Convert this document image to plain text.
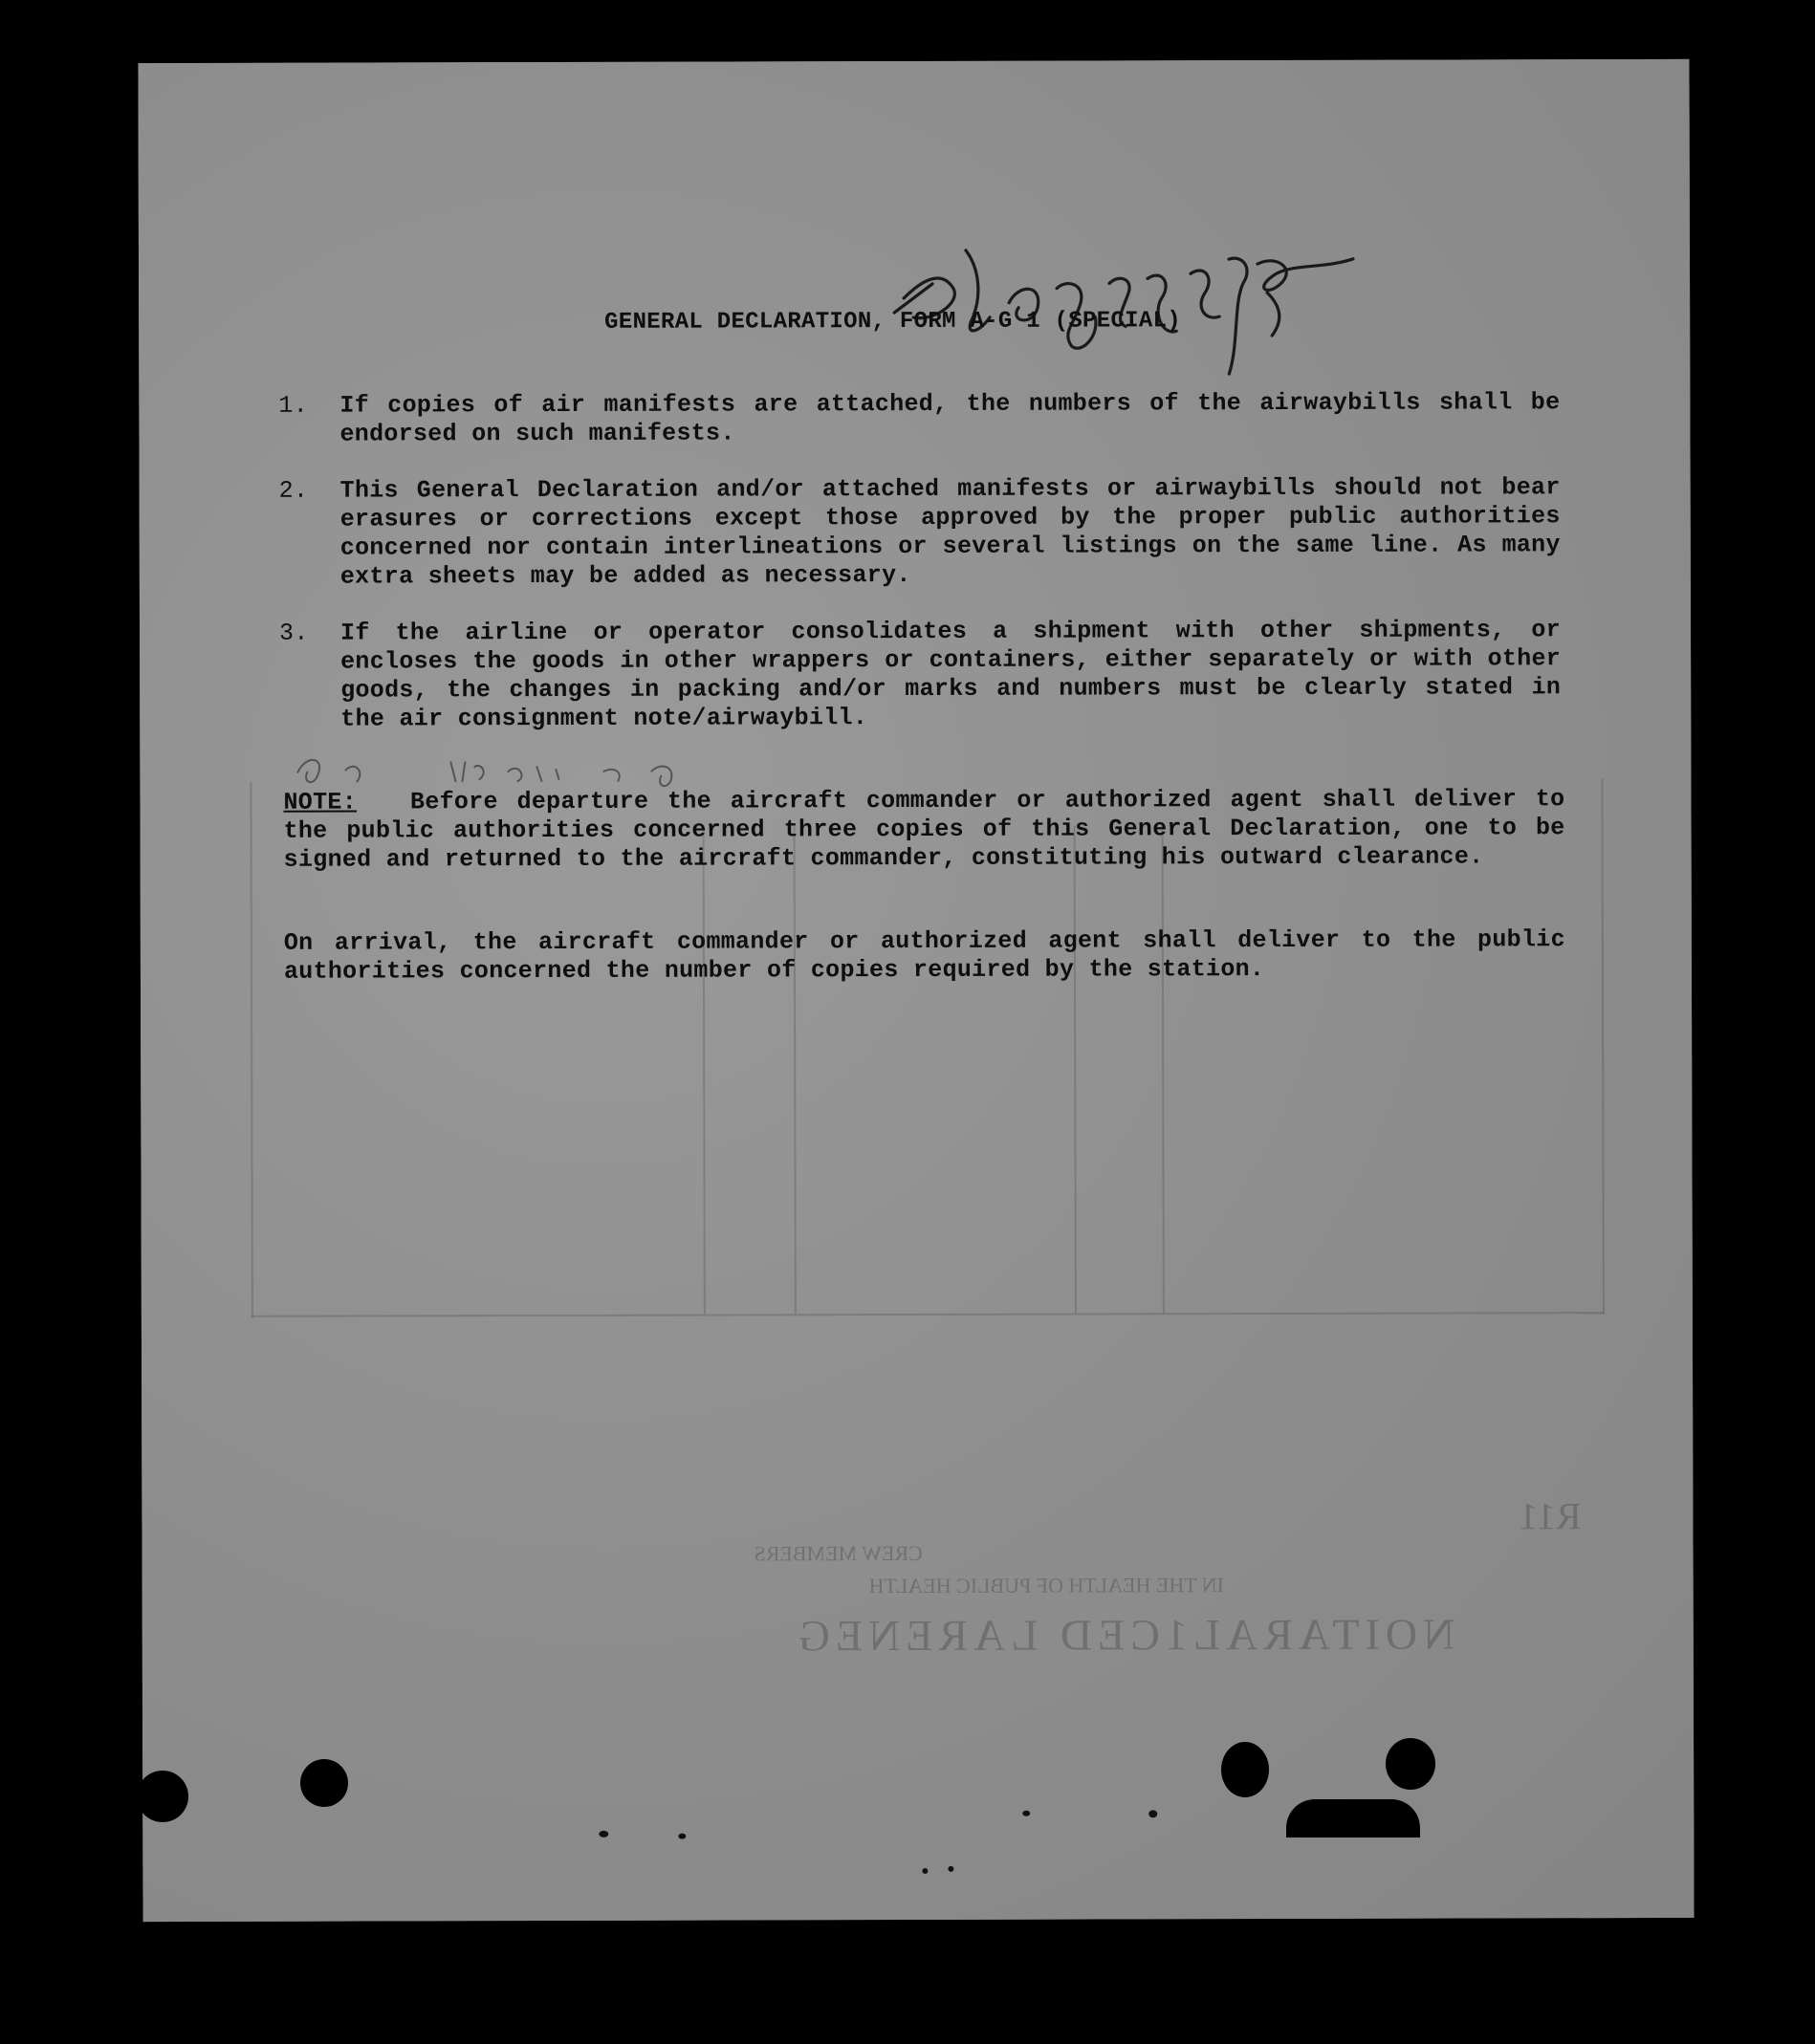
NOITARAL1CED LARENEG
R11
CREW MEMBERS
IN THE HEALTH OF PUBLIC HEALTH
GENERAL DECLARATION, FORM A-G 1 (SPECIAL)
1.	If copies of air manifests are attached, the numbers of the airwaybills shall be endorsed on such manifests.
2.	This General Declaration and/or attached manifests or airwaybills should not bear erasures or corrections except those approved by the proper public authorities concerned nor contain interlineations or several listings on the same line. As many extra sheets may be added as necessary.
3.	If the airline or operator consolidates a shipment with other shipments, or encloses the goods in other wrappers or containers, either separately or with other goods, the changes in packing and/or marks and numbers must be clearly stated in the air consignment note/airwaybill.
NOTE: Before departure the aircraft commander or authorized agent shall deliver to the public authorities concerned three copies of this General Declaration, one to be signed and returned to the aircraft commander, constituting his outward clearance.
On arrival, the aircraft commander or authorized agent shall deliver to the public authorities concerned the number of copies required by the station.
